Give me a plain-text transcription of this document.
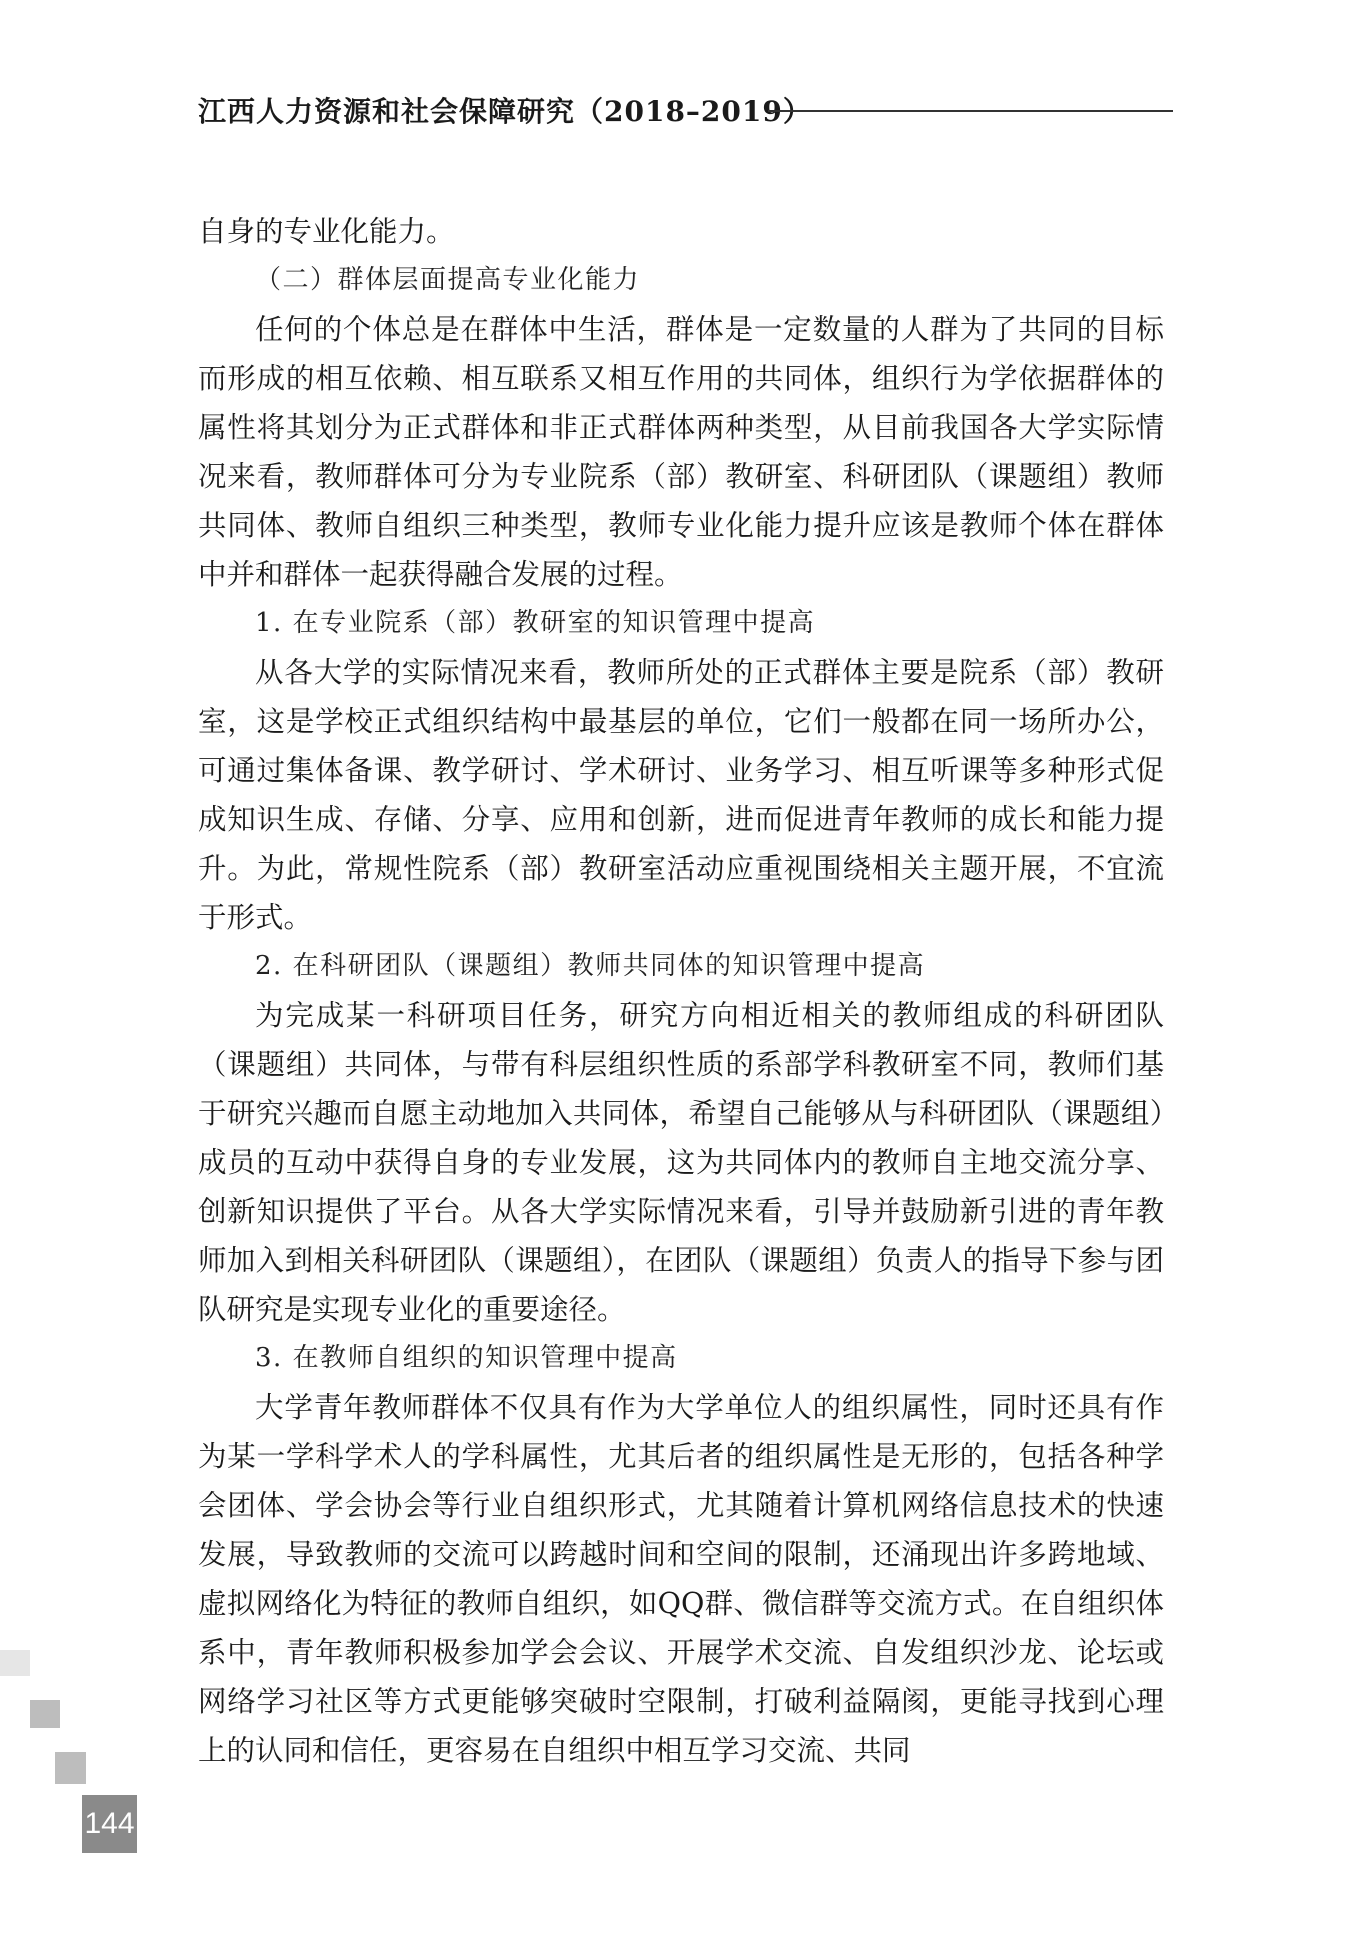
江西人力资源和社会保障研究（2018–2019）

自身的专业化能力。

（二）群体层面提高专业化能力

任何的个体总是在群体中生活，群体是一定数量的人群为了共同的目标而形成的相互依赖、相互联系又相互作用的共同体，组织行为学依据群体的属性将其划分为正式群体和非正式群体两种类型，从目前我国各大学实际情况来看，教师群体可分为专业院系（部）教研室、科研团队（课题组）教师共同体、教师自组织三种类型，教师专业化能力提升应该是教师个体在群体中并和群体一起获得融合发展的过程。

1. 在专业院系（部）教研室的知识管理中提高

从各大学的实际情况来看，教师所处的正式群体主要是院系（部）教研室，这是学校正式组织结构中最基层的单位，它们一般都在同一场所办公，可通过集体备课、教学研讨、学术研讨、业务学习、相互听课等多种形式促成知识生成、存储、分享、应用和创新，进而促进青年教师的成长和能力提升。为此，常规性院系（部）教研室活动应重视围绕相关主题开展，不宜流于形式。

2. 在科研团队（课题组）教师共同体的知识管理中提高

为完成某一科研项目任务，研究方向相近相关的教师组成的科研团队（课题组）共同体，与带有科层组织性质的系部学科教研室不同，教师们基于研究兴趣而自愿主动地加入共同体，希望自己能够从与科研团队（课题组）成员的互动中获得自身的专业发展，这为共同体内的教师自主地交流分享、创新知识提供了平台。从各大学实际情况来看，引导并鼓励新引进的青年教师加入到相关科研团队（课题组），在团队（课题组）负责人的指导下参与团队研究是实现专业化的重要途径。

3. 在教师自组织的知识管理中提高

大学青年教师群体不仅具有作为大学单位人的组织属性，同时还具有作为某一学科学术人的学科属性，尤其后者的组织属性是无形的，包括各种学会团体、学会协会等行业自组织形式，尤其随着计算机网络信息技术的快速发展，导致教师的交流可以跨越时间和空间的限制，还涌现出许多跨地域、虚拟网络化为特征的教师自组织，如QQ群、微信群等交流方式。在自组织体系中，青年教师积极参加学会会议、开展学术交流、自发组织沙龙、论坛或网络学习社区等方式更能够突破时空限制，打破利益隔阂，更能寻找到心理上的认同和信任，更容易在自组织中相互学习交流、共同

144
